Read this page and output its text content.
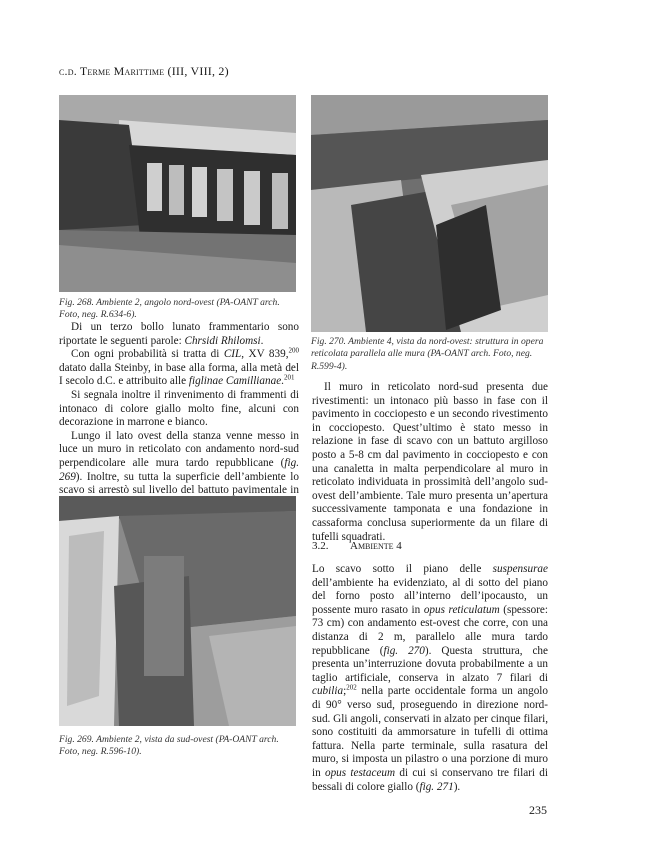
c.d. Terme Marittime (III, VIII, 2)
Fig. 268. Ambiente 2, angolo nord-ovest (PA-OANT arch. Foto, neg. R.634-6).
Fig. 270. Ambiente 4, vista da nord-ovest: struttura in opera reticolata parallela alle mura (PA-OANT arch. Foto, neg. R.599-4).

Di un terzo bollo lunato frammentario sono riportate le seguenti parole: Chrsidi Rhilomsi.

Con ogni probabilità si tratta di CIL, XV 839,$^{200}$ datato dalla Steinby, in base alla forma, alla metà del I secolo d.C. e attribuito alle figlinae Camillianae.$^{201}$

Si segnala inoltre il rinvenimento di frammenti di intonaco di colore giallo molto fine, alcuni con decorazione in marrone e bianco.

Lungo il lato ovest della stanza venne messo in luce un muro in reticolato con andamento nord-sud perpendicolare alle mura tardo repubblicane (fig. 269). Inoltre, su tutta la superficie dell’ambiente lo scavo si arrestò sul livello del battuto pavimentale in

Fig. 269. Ambiente 2, vista da sud-ovest (PA-OANT arch. Foto, neg. R.596-10).

Il muro in reticolato nord-sud presenta due rivestimenti: un intonaco più basso in fase con il pavimento in cocciopesto e un secondo rivestimento in cocciopesto. Quest’ultimo è stato messo in relazione in fase di scavo con un battuto argilloso posto a 5-8 cm dal pavimento in cocciopesto e con una canaletta in malta perpendicolare al muro in reticolato individuata in prossimità dell’angolo sud-ovest dell’ambiente. Tale muro presenta un’apertura successivamente tamponata e una fondazione in cassaforma conclusa superiormente da un filare di tufelli squadrati.

3.2. Ambiente 4

Lo scavo sotto il piano delle suspensurae dell’ambiente ha evidenziato, al di sotto del piano del forno posto all’interno dell’ipocausto, un possente muro rasato in opus reticulatum (spessore: 73 cm) con andamento est-ovest che corre, con una distanza di 2 m, parallelo alle mura tardo repubblicane (fig. 270). Questa struttura, che presenta un’interruzione dovuta probabilmente a un taglio artificiale, conserva in alzato 7 filari di cubilia;$^{202}$ nella parte occidentale forma un angolo di 90° verso sud, proseguendo in direzione nord-sud. Gli angoli, conservati in alzato per cinque filari, sono costituiti da ammorsature in tufelli di ottima fattura. Nella parte terminale, sulla rasatura del muro, si imposta un pilastro o una porzione di muro in opus testaceum di cui si conservano tre filari di bessali di colore giallo (fig. 271).

235
